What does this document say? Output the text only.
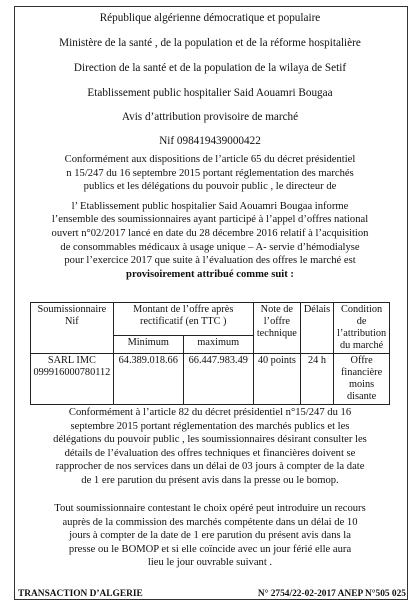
République algérienne démocratique et populaire
Ministère de la santé , de la population et de la réforme hospitalière
Direction de la santé et de la population de la wilaya de Setif
Etablissement public hospitalier Said Aouamri Bougaa
Avis d’attribution provisoire de marché
Nif 098419439000422
Conformément aux dispositions de l’article 65 du décret présidentiel
n 15/247 du 16 septembre 2015 portant réglementation des marchés
publics et les délégations du pouvoir public , le directeur de
l’ Etablissement public hospitalier Said Aouamri Bougaa informe
l’ensemble des soumissionnaires ayant participé à l’appel d’offres national
ouvert n°02/2017 lancé en date du 28 décembre 2016 relatif à l’acquisition
de consommables médicaux à usage unique – A- servie d’hémodialyse
pour l’exercice 2017 que suite à l’évaluation des offres le marché est
provisoirement attribué comme suit :
Soumissionnaire Nif	Montant de l’offre après rectificatif (en TTC )		Note de l’offre technique	Délais	Condition de l’attribution du marché
	Minimum	maximum			
SARL IMC 099916000780112	64.389.018.66	66.447.983.49	40 points	24 h	Offre financière moins disante
Conformément à l’article 82 du décret présidentiel n°15/247 du 16
septembre 2015 portant réglementation des marchés publics et les
délégations du pouvoir public , les soumissionnaires désirant consulter les
détails de l’évaluation des offres techniques et financières doivent se
rapprocher de nos services dans un délai de 03 jours à compter de la date
de 1 ere parution du présent avis dans la presse ou le bomop.
Tout soumissionnaire contestant le choix opéré peut introduire un recours
auprès de la commission des marchés compétente dans un délai de 10
jours à compter de la date de 1 ere parution du présent avis dans la
presse ou le BOMOP et si elle coïncide avec un jour férié elle aura
lieu le jour ouvrable suivant .
TRANSACTION D’ALGERIE	N° 2754/22-02-2017 ANEP N°505 025
